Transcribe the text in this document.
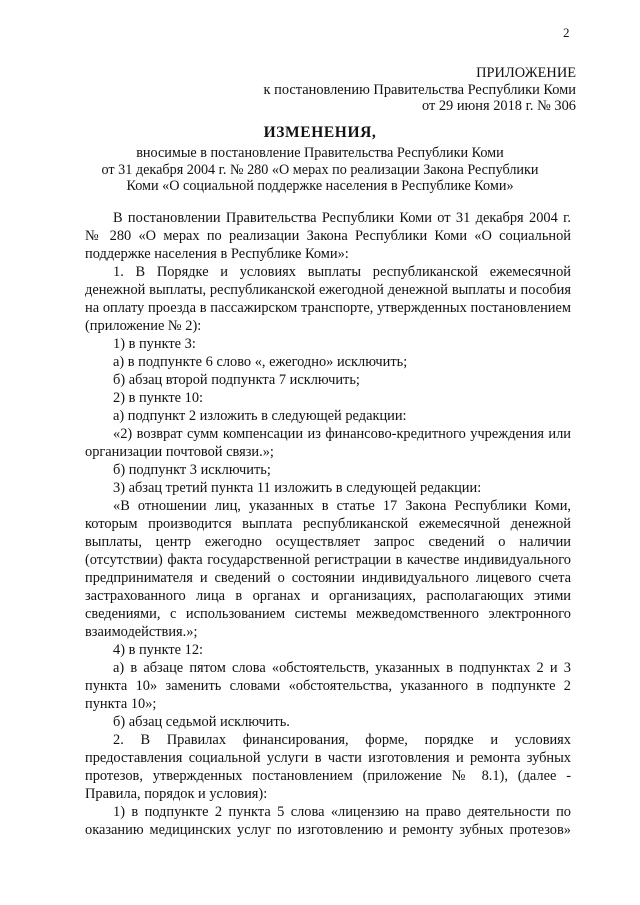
2
ПРИЛОЖЕНИЕ
к постановлению Правительства Республики Коми
от 29 июня 2018 г. № 306
ИЗМЕНЕНИЯ,
вносимые в постановление Правительства Республики Коми
от 31 декабря 2004 г. № 280 «О мерах по реализации Закона Республики
Коми «О социальной поддержке населения в Республике Коми»

В постановлении Правительства Республики Коми от 31 декабря 2004 г. № 280 «О мерах по реализации Закона Республики Коми «О социальной поддержке населения в Республике Коми»:

1. В Порядке и условиях выплаты республиканской ежемесячной денежной выплаты, республиканской ежегодной денежной выплаты и пособия на оплату проезда в пассажирском транспорте, утвержденных постановлением (приложение № 2):

1) в пункте 3:

а) в подпункте 6 слово «, ежегодно» исключить;

б) абзац второй подпункта 7 исключить;

2) в пункте 10:

а) подпункт 2 изложить в следующей редакции:

«2) возврат сумм компенсации из финансово-кредитного учреждения или организации почтовой связи.»;

б) подпункт 3 исключить;

3) абзац третий пункта 11 изложить в следующей редакции:

«В отношении лиц, указанных в статье 17 Закона Республики Коми, которым производится выплата республиканской ежемесячной денежной выплаты, центр ежегодно осуществляет запрос сведений о наличии (отсутствии) факта государственной регистрации в качестве индивидуального предпринимателя и сведений о состоянии индивидуального лицевого счета застрахованного лица в органах и организациях, располагающих этими сведениями, с использованием системы межведомственного электронного взаимодействия.»;

4) в пункте 12:

а) в абзаце пятом слова «обстоятельств, указанных в подпунктах 2 и 3 пункта 10» заменить словами «обстоятельства, указанного в подпункте 2 пункта 10»;

б) абзац седьмой исключить.

2. В Правилах финансирования, форме, порядке и условиях предоставления социальной услуги в части изготовления и ремонта зубных протезов, утвержденных постановлением (приложение № 8.1), (далее - Правила, порядок и условия):

1) в подпункте 2 пункта 5 слова «лицензию на право деятельности по оказанию медицинских услуг по изготовлению и ремонту зубных протезов»
